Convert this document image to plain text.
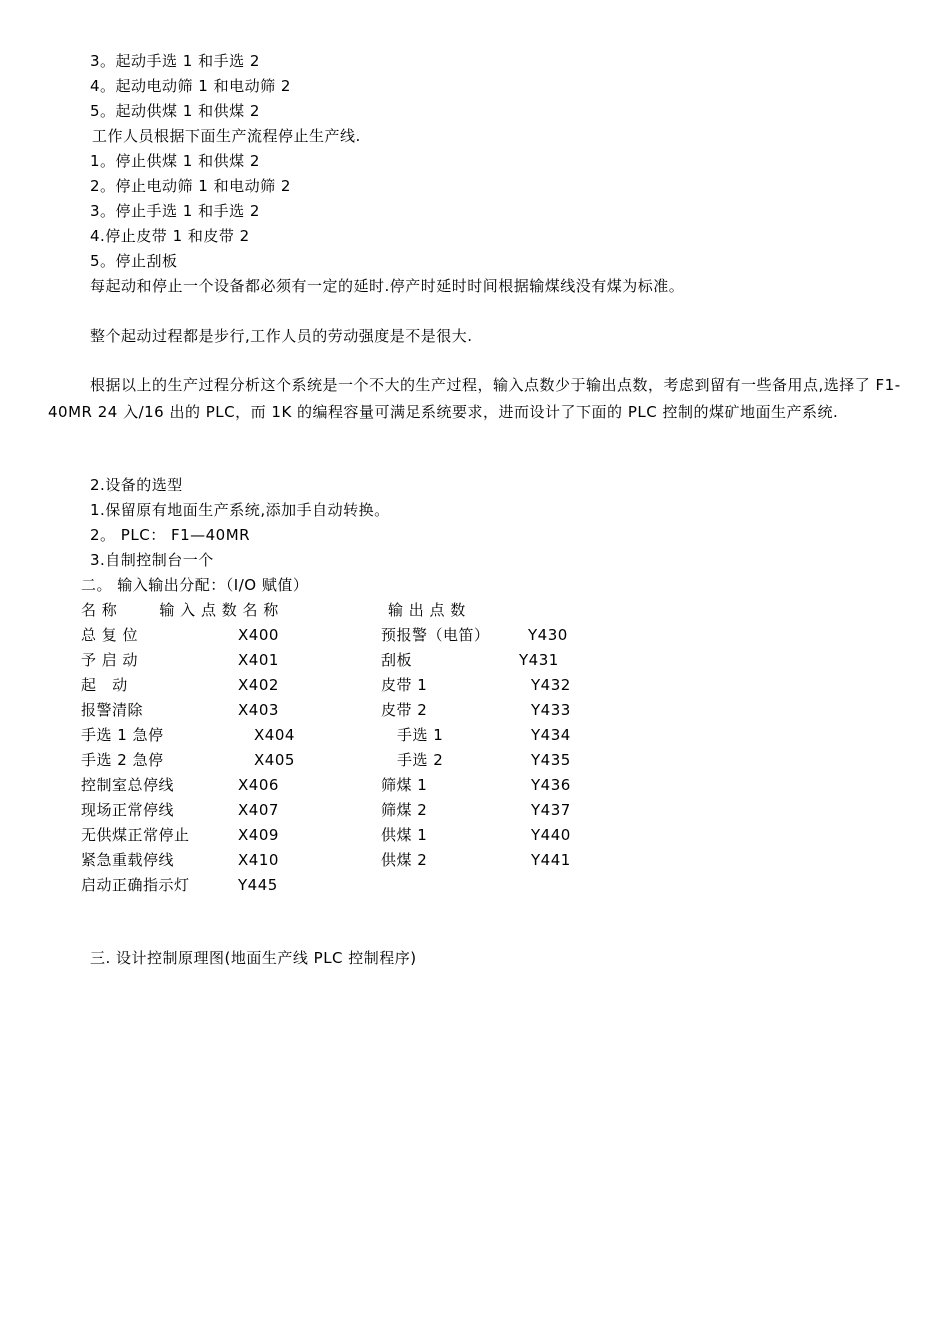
3。起动手选 1 和手选 2
4。起动电动筛 1 和电动筛 2
5。起动供煤 1 和供煤 2
工作人员根据下面生产流程停止生产线.
1。停止供煤 1 和供煤 2
2。停止电动筛 1 和电动筛 2
3。停止手选 1 和手选 2
4.停止皮带 1 和皮带 2
5。停止刮板
每起动和停止一个设备都必须有一定的延时.停产时延时时间根据输煤线没有煤为标准。
整个起动过程都是步行,工作人员的劳动强度是不是很大.
根据以上的生产过程分析这个系统是一个不大的生产过程，输入点数少于输出点数，考虑到留有一些备用点,选择了 F1-40MR 24 入/16 出的 PLC，而 1K 的编程容量可满足系统要求，进而设计了下面的 PLC 控制的煤矿地面生产系统.
2.设备的选型
1.保留原有地面生产系统,添加手自动转换。
2。 PLC： F1—40MR
3.自制控制台一个
二。 输入输出分配：（I/O 赋值）
名 称        输 入 点 数 名 称	输 出 点 数
总 复 位	X400	预报警（电笛）	Y430
予 启 动	X401	刮板	Y431
起   动	X402	皮带 1	Y432
报警清除	X403	皮带 2	Y433
手选 1 急停	X404	手选 1	Y434
手选 2 急停	X405	手选 2	Y435
控制室总停线	X406	筛煤 1	Y436
现场正常停线	X407	筛煤 2	Y437
无供煤正常停止	X409	供煤 1	Y440
紧急重载停线	X410	供煤 2	Y441
启动正确指示灯	Y445
三. 设计控制原理图(地面生产线 PLC 控制程序)
